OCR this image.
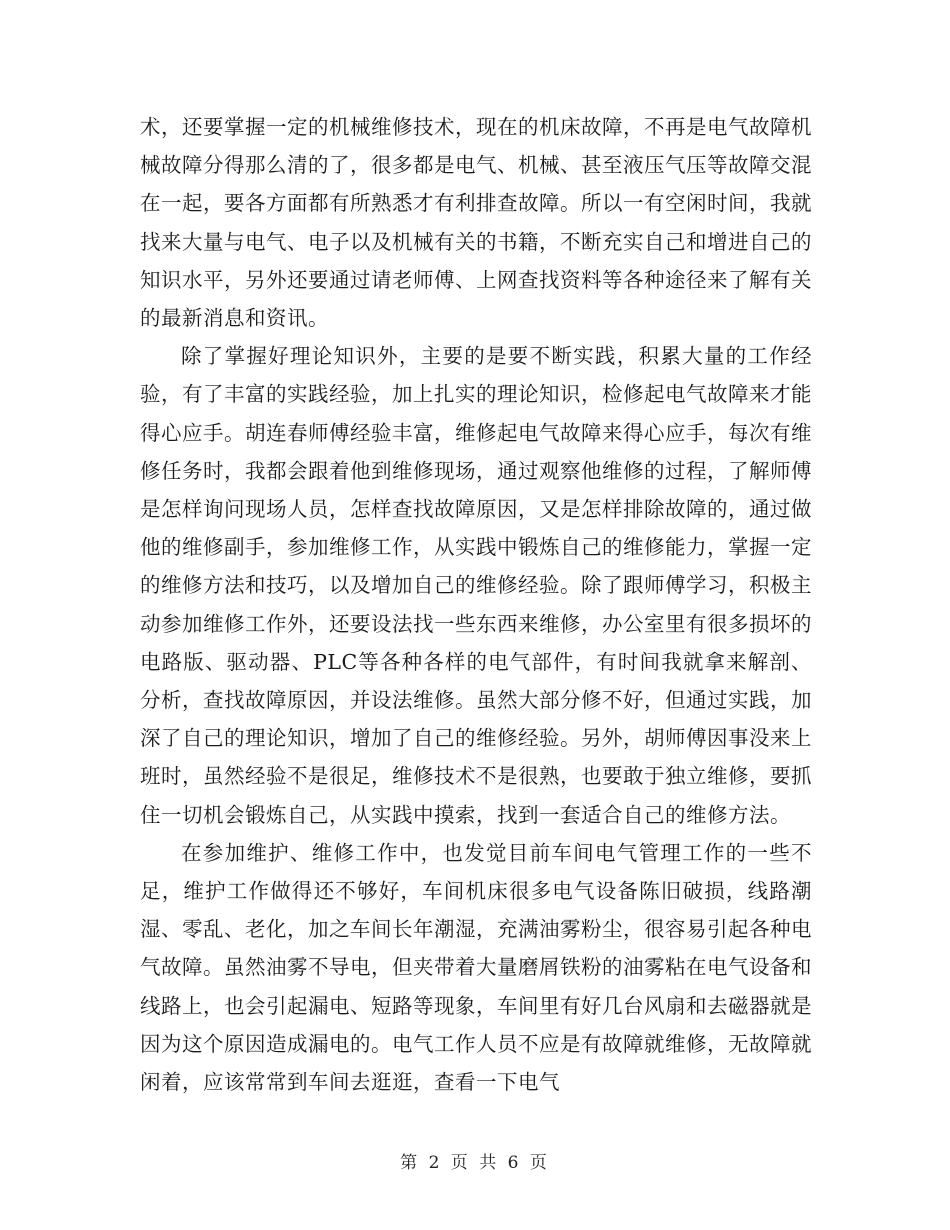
术，还要掌握一定的机械维修技术，现在的机床故障，不再是电气故障机械故障分得那么清的了，很多都是电气、机械、甚至液压气压等故障交混在一起，要各方面都有所熟悉才有利排查故障。所以一有空闲时间，我就找来大量与电气、电子以及机械有关的书籍，不断充实自己和增进自己的知识水平，另外还要通过请老师傅、上网查找资料等各种途径来了解有关的最新消息和资讯。

除了掌握好理论知识外，主要的是要不断实践，积累大量的工作经验，有了丰富的实践经验，加上扎实的理论知识，检修起电气故障来才能得心应手。胡连春师傅经验丰富，维修起电气故障来得心应手，每次有维修任务时，我都会跟着他到维修现场，通过观察他维修的过程，了解师傅是怎样询问现场人员，怎样查找故障原因，又是怎样排除故障的，通过做他的维修副手，参加维修工作，从实践中锻炼自己的维修能力，掌握一定的维修方法和技巧，以及增加自己的维修经验。除了跟师傅学习，积极主动参加维修工作外，还要设法找一些东西来维修，办公室里有很多损坏的电路版、驱动器、PLC等各种各样的电气部件，有时间我就拿来解剖、分析，查找故障原因，并设法维修。虽然大部分修不好，但通过实践，加深了自己的理论知识，增加了自己的维修经验。另外，胡师傅因事没来上班时，虽然经验不是很足，维修技术不是很熟，也要敢于独立维修，要抓住一切机会锻炼自己，从实践中摸索，找到一套适合自己的维修方法。

在参加维护、维修工作中，也发觉目前车间电气管理工作的一些不足，维护工作做得还不够好，车间机床很多电气设备陈旧破损，线路潮湿、零乱、老化，加之车间长年潮湿，充满油雾粉尘，很容易引起各种电气故障。虽然油雾不导电，但夹带着大量磨屑铁粉的油雾粘在电气设备和线路上，也会引起漏电、短路等现象，车间里有好几台风扇和去磁器就是因为这个原因造成漏电的。电气工作人员不应是有故障就维修，无故障就闲着，应该常常到车间去逛逛，查看一下电气

第 2 页 共 6 页
